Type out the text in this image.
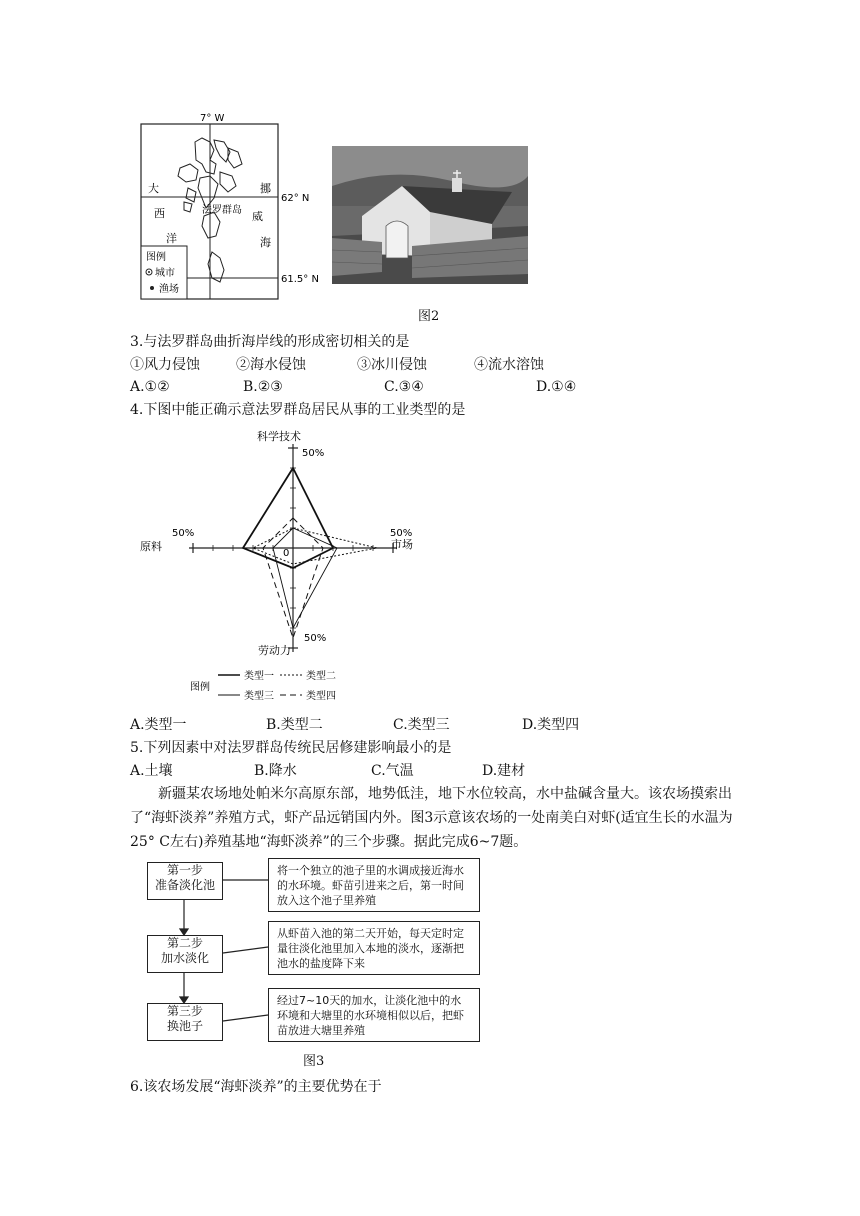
7° W
62° N
61.5° N
大
西
洋
挪
威
海
法罗群岛
图例
城市
渔场
图2
3.与法罗群岛曲折海岸线的形成密切相关的是
①风力侵蚀	②海水侵蚀	③冰川侵蚀	④流水溶蚀
A.①②	B.②③	C.③④	D.①④
4.下图中能正确示意法罗群岛居民从事的工业类型的是
科学技术
市场
劳动力
原料
50%
50%
50%
50%
0
图例
类型一	类型二
类型三	类型四
A.类型一	B.类型二	C.类型三	D.类型四
5.下列因素中对法罗群岛传统民居修建影响最小的是
A.土壤	B.降水	C.气温	D.建材
新疆某农场地处帕米尔高原东部，地势低洼，地下水位较高，水中盐碱含量大。该农场摸索出了“海虾淡养”养殖方式，虾产品远销国内外。图3示意该农场的一处南美白对虾(适宜生长的水温为25° C左右)养殖基地“海虾淡养”的三个步骤。据此完成6~7题。
第一步
准备淡化池
将一个独立的池子里的水调成接近海水的水环境。虾苗引进来之后，第一时间放入这个池子里养殖
第二步
加水淡化
从虾苗入池的第二天开始，每天定时定量往淡化池里加入本地的淡水，逐渐把池水的盐度降下来
第三步
换池子
经过7~10天的加水，让淡化池中的水环境和大塘里的水环境相似以后，把虾苗放进大塘里养殖
图3
6.该农场发展“海虾淡养”的主要优势在于
